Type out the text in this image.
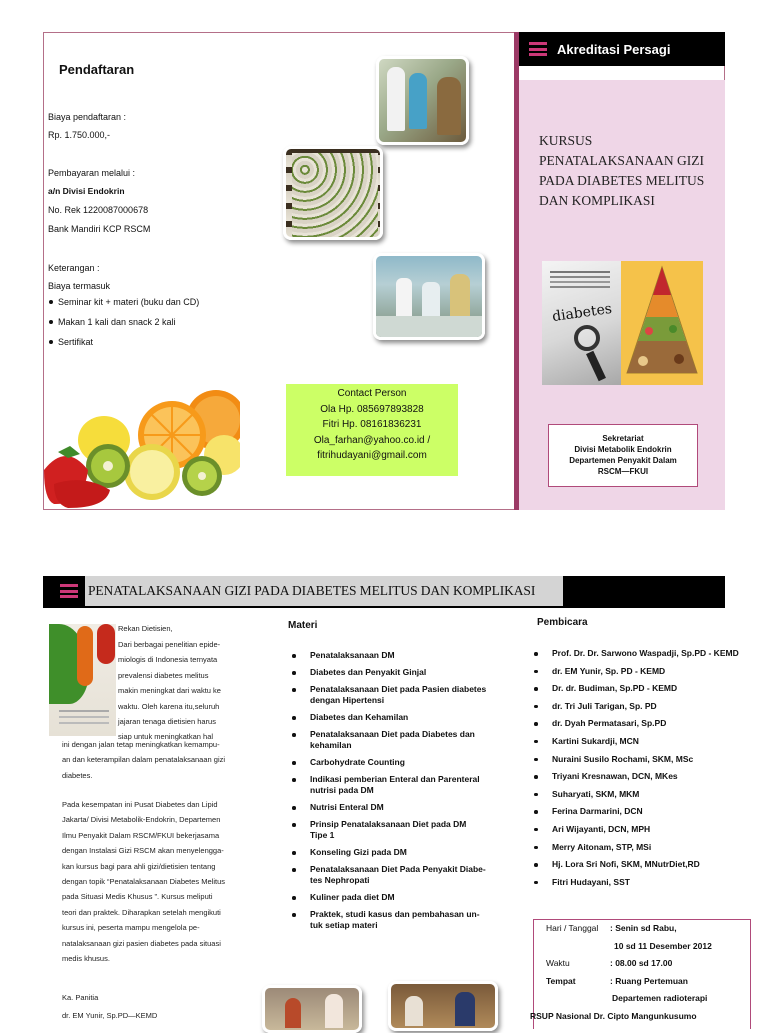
Pendaftaran
Biaya pendaftaran :
Rp. 1.750.000,-
Pembayaran melalui :
a/n Divisi Endokrin
No. Rek 1220087000678
Bank Mandiri KCP RSCM
Keterangan :
Biaya termasuk
Seminar kit + materi (buku dan CD)
Makan 1 kali dan snack 2 kali
Sertifikat
Contact Person
Ola Hp. 085697893828
Fitri Hp. 08161836231
Ola_farhan@yahoo.co.id /
fitrihudayani@gmail.com
Akreditasi Persagi
KURSUS
PENATALAKSANAAN GIZI
PADA DIABETES MELITUS
DAN KOMPLIKASI
diabetes
Sekretariat
Divisi Metabolik Endokrin
Departemen Penyakit Dalam
RSCM—FKUI
PENATALAKSANAAN GIZI PADA DIABETES MELITUS DAN KOMPLIKASI
Rekan Dietisien,
Dari berbagai penelitian epide-
miologis di Indonesia ternyata
prevalensi diabetes melitus
makin meningkat dari waktu ke
waktu. Oleh karena itu,seluruh
jajaran tenaga dietisien harus
siap untuk meningkatkan hal
ini dengan jalan tetap meningkatkan kemampu-
an dan keterampilan dalam penatalaksanaan gizi
diabetes.
Pada kesempatan ini Pusat Diabetes dan Lipid
Jakarta/ Divisi Metabolik-Endokrin, Departemen
Ilmu Penyakit Dalam RSCM/FKUI bekerjasama
dengan Instalasi Gizi RSCM akan menyelengga-
kan kursus bagi para ahli gizi/dietisien tentang
dengan topik “Penatalaksanaan Diabetes Melitus
pada Situasi Medis Khusus ”. Kursus meliputi
teori dan praktek. Diharapkan setelah mengikuti
kursus ini, peserta mampu mengelola pe-
natalaksanaan gizi pasien diabetes pada situasi
medis khusus.
Ka. Panitia
dr. EM Yunir, Sp.PD—KEMD
Materi
Penatalaksanaan DM
Diabetes dan Penyakit Ginjal
Penatalaksanaan Diet pada Pasien diabetes
dengan Hipertensi
Diabetes dan Kehamilan
Penatalaksanaan Diet pada Diabetes dan
kehamilan
Carbohydrate Counting
Indikasi pemberian Enteral dan Parenteral
nutrisi pada DM
Nutrisi Enteral DM
Prinsip Penatalaksanaan Diet pada DM
Tipe 1
Konseling Gizi pada DM
Penatalaksanaan Diet Pada Penyakit Diabe-
tes Nephropati
Kuliner pada diet DM
Praktek, studi kasus dan pembahasan un-
tuk setiap materi
Pembicara
Prof. Dr. Dr. Sarwono Waspadji, Sp.PD - KEMD
dr. EM Yunir, Sp. PD - KEMD
Dr. dr. Budiman, Sp.PD - KEMD
dr. Tri Juli Tarigan, Sp. PD
dr. Dyah Permatasari, Sp.PD
Kartini Sukardji, MCN
Nuraini Susilo Rochami, SKM, MSc
Triyani Kresnawan, DCN, MKes
Suharyati, SKM, MKM
Ferina Darmarini, DCN
Ari Wijayanti, DCN, MPH
Merry Aitonam, STP, MSi
Hj. Lora Sri Nofi, SKM, MNutrDiet,RD
Fitri Hudayani, SST
Hari / Tanggal : Senin sd Rabu,
10 sd 11 Desember 2012
Waktu	: 08.00 sd 17.00
Tempat	: Ruang Pertemuan
Departemen radioterapi
RSUP Nasional Dr. Cipto Mangunkusumo
